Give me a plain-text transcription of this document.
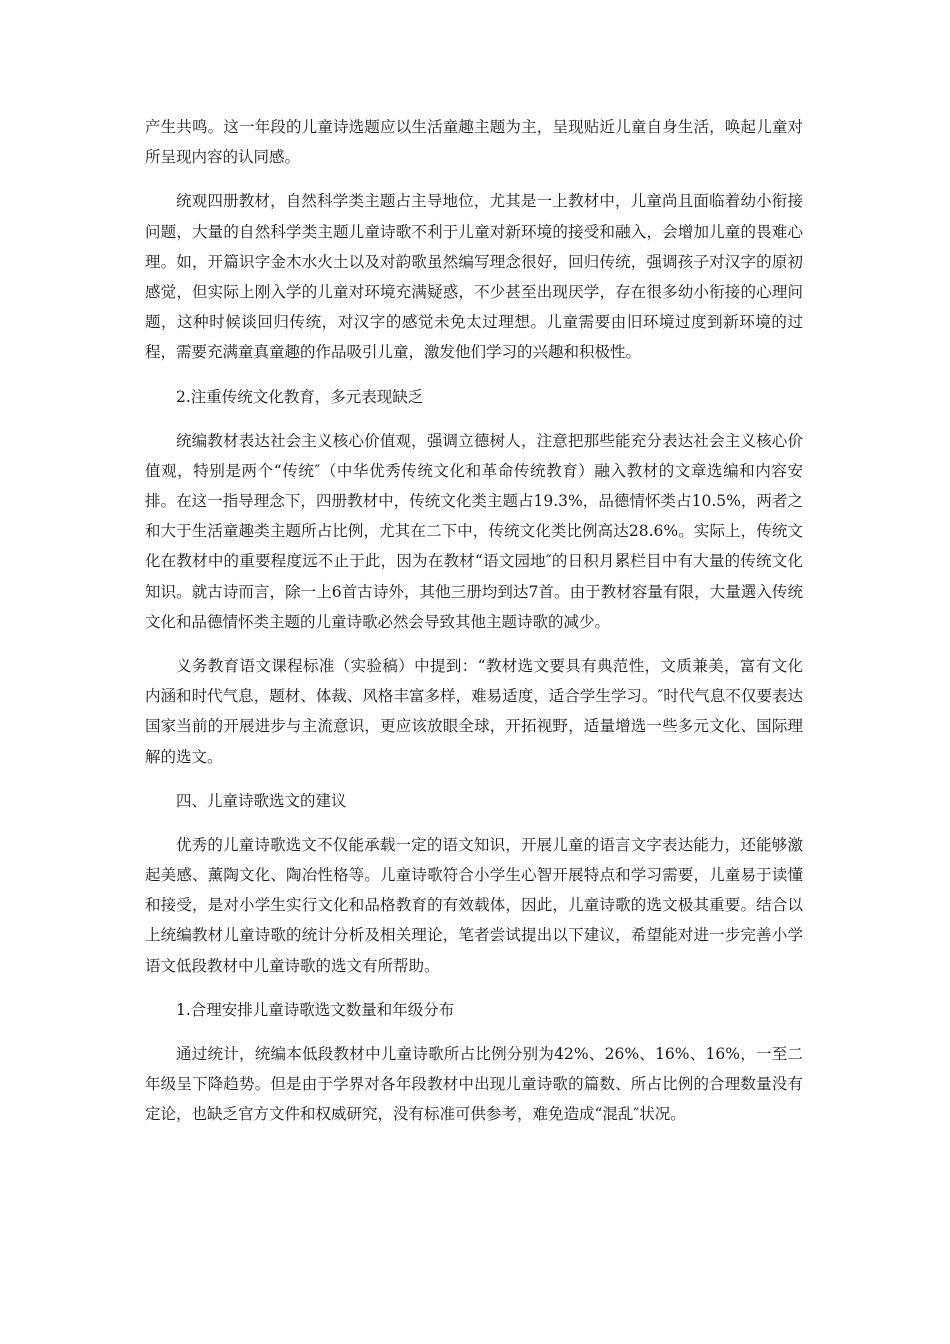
产生共鸣。这一年段的儿童诗选题应以生活童趣主题为主，呈现贴近儿童自身生活，唤起儿童对所呈现内容的认同感。

统观四册教材，自然科学类主题占主导地位，尤其是一上教材中，儿童尚且面临着幼小衔接问题，大量的自然科学类主题儿童诗歌不利于儿童对新环境的接受和融入，会增加儿童的畏难心理。如，开篇识字金木水火土以及对韵歌虽然编写理念很好，回归传统，强调孩子对汉字的原初感觉，但实际上刚入学的儿童对环境充满疑惑，不少甚至出现厌学，存在很多幼小衔接的心理问题，这种时候谈回归传统，对汉字的感觉未免太过理想。儿童需要由旧环境过度到新环境的过程，需要充满童真童趣的作品吸引儿童，激发他们学习的兴趣和积极性。

2.注重传统文化教育，多元表现缺乏

统编教材表达社会主义核心价值观，强调立德树人，注意把那些能充分表达社会主义核心价值观，特别是两个“传统″（中华优秀传统文化和革命传统教育）融入教材的文章选编和内容安排。在这一指导理念下，四册教材中，传统文化类主题占19.3%，品德情怀类占10.5%，两者之和大于生活童趣类主题所占比例，尤其在二下中，传统文化类比例高达28.6%。实际上，传统文化在教材中的重要程度远不止于此，因为在教材“语文园地″的日积月累栏目中有大量的传统文化知识。就古诗而言，除一上6首古诗外，其他三册均到达7首。由于教材容量有限，大量選入传统文化和品德情怀类主题的儿童诗歌必然会导致其他主题诗歌的减少。

义务教育语文课程标准（实验稿）中提到：“教材选文要具有典范性，文质兼美，富有文化内涵和时代气息，题材、体裁、风格丰富多样，难易适度，适合学生学习。″时代气息不仅要表达国家当前的开展进步与主流意识，更应该放眼全球，开拓视野，适量增选一些多元文化、国际理解的选文。

四、儿童诗歌选文的建议

优秀的儿童诗歌选文不仅能承载一定的语文知识，开展儿童的语言文字表达能力，还能够激起美感、薰陶文化、陶冶性格等。儿童诗歌符合小学生心智开展特点和学习需要，儿童易于读懂和接受，是对小学生实行文化和品格教育的有效载体，因此，儿童诗歌的选文极其重要。结合以上统编教材儿童诗歌的统计分析及相关理论，笔者尝试提出以下建议，希望能对进一步完善小学语文低段教材中儿童诗歌的选文有所帮助。

1.合理安排儿童诗歌选文数量和年级分布

通过统计，统编本低段教材中儿童诗歌所占比例分别为42%、26%、16%、16%，一至二年级呈下降趋势。但是由于学界对各年段教材中出现儿童诗歌的篇数、所占比例的合理数量没有定论，也缺乏官方文件和权威研究，没有标准可供参考，难免造成“混乱″状况。
